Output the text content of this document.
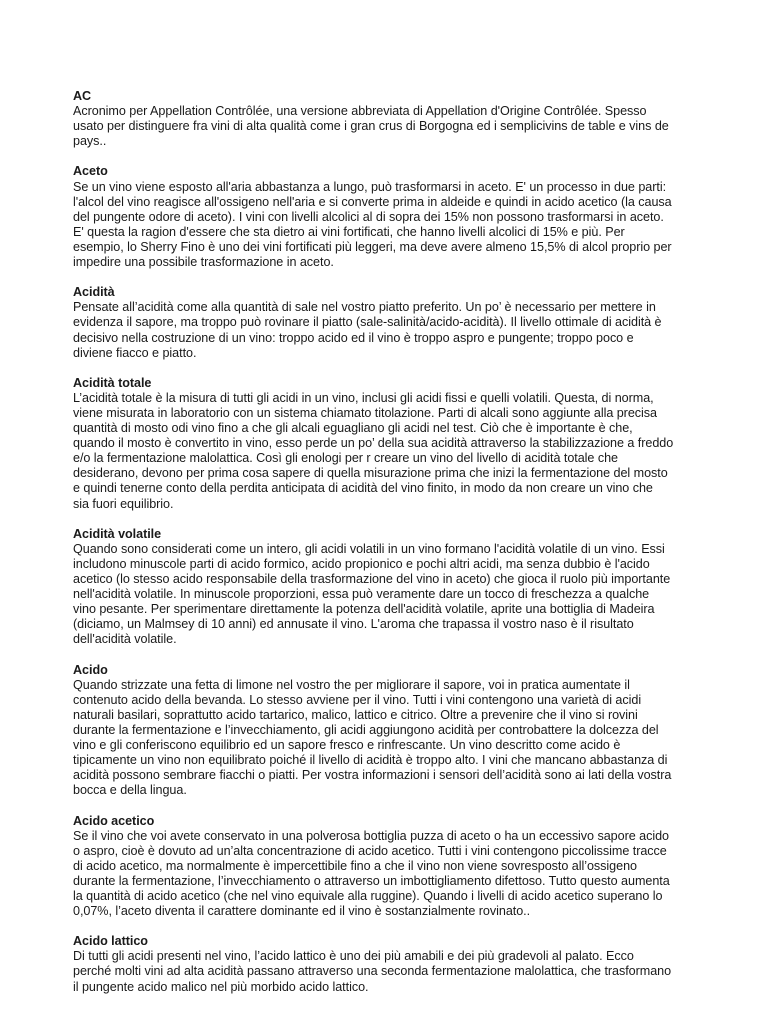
AC
Acronimo per Appellation Contrôlée, una versione abbreviata di Appellation d'Origine Contrôlée. Spesso
usato per distinguere fra vini di alta qualità come i gran crus di Borgogna ed i semplicivins de table e vins de
pays..
Aceto
Se un vino viene esposto all'aria abbastanza a lungo, può trasformarsi in aceto. E' un processo in due parti:
l'alcol del vino reagisce all'ossigeno nell'aria e si converte prima in aldeide e quindi in acido acetico (la causa
del pungente odore di aceto). I vini con livelli alcolici al di sopra dei 15% non possono trasformarsi in aceto.
E' questa la ragion d'essere che sta dietro ai vini fortificati, che hanno livelli alcolici di 15% e più. Per
esempio, lo Sherry Fino è uno dei vini fortificati più leggeri, ma deve avere almeno 15,5% di alcol proprio per
impedire una possibile trasformazione in aceto.
Acidità
Pensate all’acidità come alla quantità di sale nel vostro piatto preferito. Un po’ è necessario per mettere in
evidenza il sapore, ma troppo può rovinare il piatto (sale-salinità/acido-acidità). Il livello ottimale di acidità è
decisivo nella costruzione di un vino: troppo acido ed il vino è troppo aspro e pungente; troppo poco e
diviene fiacco e piatto.
Acidità totale
L’acidità totale è la misura di tutti gli acidi in un vino, inclusi gli acidi fissi e quelli volatili. Questa, di norma,
viene misurata in laboratorio con un sistema chiamato titolazione. Parti di alcali sono aggiunte alla precisa
quantità di mosto odi vino fino a che gli alcali eguagliano gli acidi nel test. Ciò che è importante è che,
quando il mosto è convertito in vino, esso perde un po’ della sua acidità attraverso la stabilizzazione a freddo
e/o la fermentazione malolattica. Così gli enologi per r creare un vino del livello di acidità totale che
desiderano, devono per prima cosa sapere di quella misurazione prima che inizi la fermentazione del mosto
e quindi tenerne conto della perdita anticipata di acidità del vino finito, in modo da non creare un vino che
sia fuori equilibrio.
Acidità volatile
Quando sono considerati come un intero, gli acidi volatili in un vino formano l'acidità volatile di un vino. Essi
includono minuscole parti di acido formico, acido propionico e pochi altri acidi, ma senza dubbio è l'acido
acetico (lo stesso acido responsabile della trasformazione del vino in aceto) che gioca il ruolo più importante
nell'acidità volatile. In minuscole proporzioni, essa può veramente dare un tocco di freschezza a qualche
vino pesante. Per sperimentare direttamente la potenza dell'acidità volatile, aprite una bottiglia di Madeira
(diciamo, un Malmsey di 10 anni) ed annusate il vino. L'aroma che trapassa il vostro naso è il risultato
dell'acidità volatile.
Acido
Quando strizzate una fetta di limone nel vostro the per migliorare il sapore, voi in pratica aumentate il
contenuto acido della bevanda. Lo stesso avviene per il vino. Tutti i vini contengono una varietà di acidi
naturali basilari, soprattutto acido tartarico, malico, lattico e citrico. Oltre a prevenire che il vino si rovini
durante la fermentazione e l’invecchiamento, gli acidi aggiungono acidità per controbattere la dolcezza del
vino e gli conferiscono equilibrio ed un sapore fresco e rinfrescante. Un vino descritto come acido è
tipicamente un vino non equilibrato poiché il livello di acidità è troppo alto. I vini che mancano abbastanza di
acidità possono sembrare fiacchi o piatti. Per vostra informazioni i sensori dell’acidità sono ai lati della vostra
bocca e della lingua.
Acido acetico
Se il vino che voi avete conservato in una polverosa bottiglia puzza di aceto o ha un eccessivo sapore acido
o aspro, cioè è dovuto ad un’alta concentrazione di acido acetico. Tutti i vini contengono piccolissime tracce
di acido acetico, ma normalmente è impercettibile fino a che il vino non viene sovresposto all’ossigeno
durante la fermentazione, l’invecchiamento o attraverso un imbottigliamento difettoso. Tutto questo aumenta
la quantità di acido acetico (che nel vino equivale alla ruggine). Quando i livelli di acido acetico superano lo
0,07%, l’aceto diventa il carattere dominante ed il vino è sostanzialmente rovinato..
Acido lattico
Di tutti gli acidi presenti nel vino, l’acido lattico è uno dei più amabili e dei più gradevoli al palato. Ecco
perché molti vini ad alta acidità passano attraverso una seconda fermentazione malolattica, che trasformano
il pungente acido malico nel più morbido acido lattico.
